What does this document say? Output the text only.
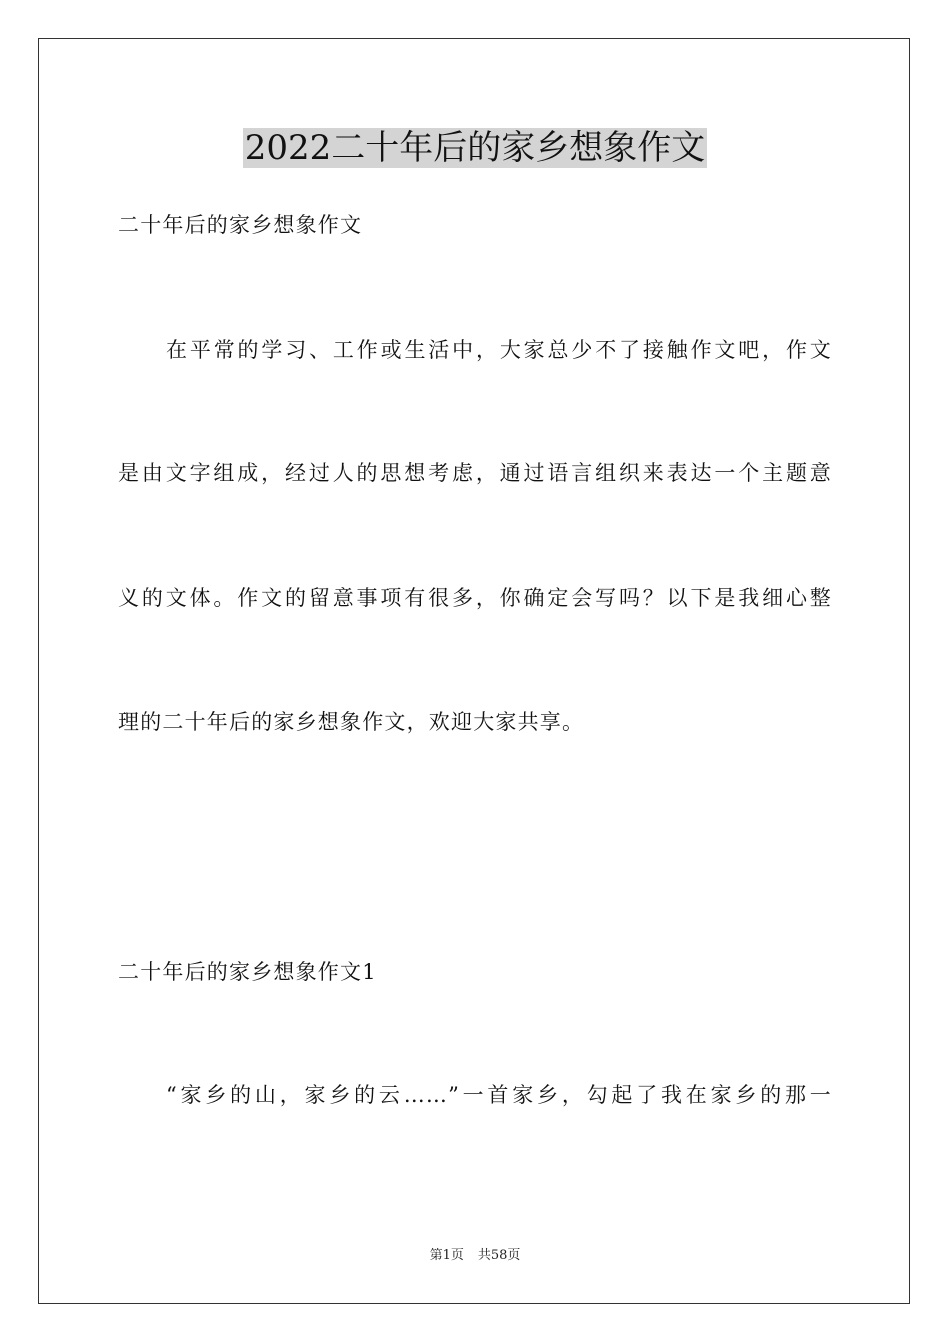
2022二十年后的家乡想象作文
二十年后的家乡想象作文
在平常的学习、工作或生活中，大家总少不了接触作文吧，作文
是由文字组成，经过人的思想考虑，通过语言组织来表达一个主题意
义的文体。作文的留意事项有很多，你确定会写吗？以下是我细心整
理的二十年后的家乡想象作文，欢迎大家共享。
二十年后的家乡想象作文1
“家乡的山，家乡的云……”一首家乡，勾起了我在家乡的那一
第1页 共58页
